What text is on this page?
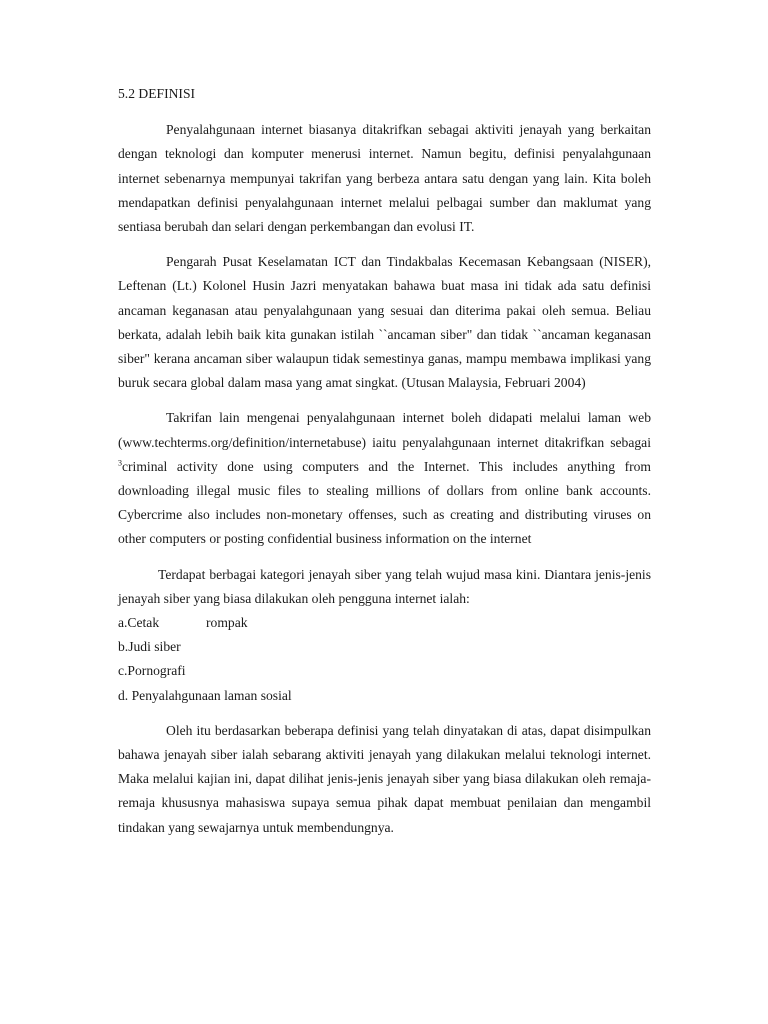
5.2 DEFINISI

Penyalahgunaan internet biasanya ditakrifkan sebagai aktiviti jenayah yang berkaitan dengan teknologi dan komputer menerusi internet. Namun begitu, definisi penyalahgunaan internet sebenarnya mempunyai takrifan yang berbeza antara satu dengan yang lain. Kita boleh mendapatkan definisi penyalahgunaan internet melalui pelbagai sumber dan maklumat yang sentiasa berubah dan selari dengan perkembangan dan evolusi IT.

Pengarah Pusat Keselamatan ICT dan Tindakbalas Kecemasan Kebangsaan (NISER), Leftenan (Lt.) Kolonel Husin Jazri menyatakan bahawa buat masa ini tidak ada satu definisi ancaman keganasan atau penyalahgunaan yang sesuai dan diterima pakai oleh semua. Beliau berkata, adalah lebih baik kita gunakan istilah ``ancaman siber" dan tidak ``ancaman keganasan siber" kerana ancaman siber walaupun tidak semestinya ganas, mampu membawa implikasi yang buruk secara global dalam masa yang amat singkat. (Utusan Malaysia, Februari 2004)

Takrifan lain mengenai penyalahgunaan internet boleh didapati melalui laman web (www.techterms.org/definition/internetabuse) iaitu penyalahgunaan internet ditakrifkan sebagai $^3$criminal activity done using computers and the Internet. This includes anything from downloading illegal music files to stealing millions of dollars from online bank accounts. Cybercrime also includes non-monetary offenses, such as creating and distributing viruses on other computers or posting confidential business information on the internet

Terdapat berbagai kategori jenayah siber yang telah wujud masa kini. Diantara jenis-jenis jenayah siber yang biasa dilakukan oleh pengguna internet ialah:

a.Cetak	rompak
b.Judi siber
c.Pornografi
d. Penyalahgunaan laman sosial

Oleh itu berdasarkan beberapa definisi yang telah dinyatakan di atas, dapat disimpulkan bahawa jenayah siber ialah sebarang aktiviti jenayah yang dilakukan melalui teknologi internet. Maka melalui kajian ini, dapat dilihat jenis-jenis jenayah siber yang biasa dilakukan oleh remaja- remaja khususnya mahasiswa supaya semua pihak dapat membuat penilaian dan mengambil tindakan yang sewajarnya untuk membendungnya.
